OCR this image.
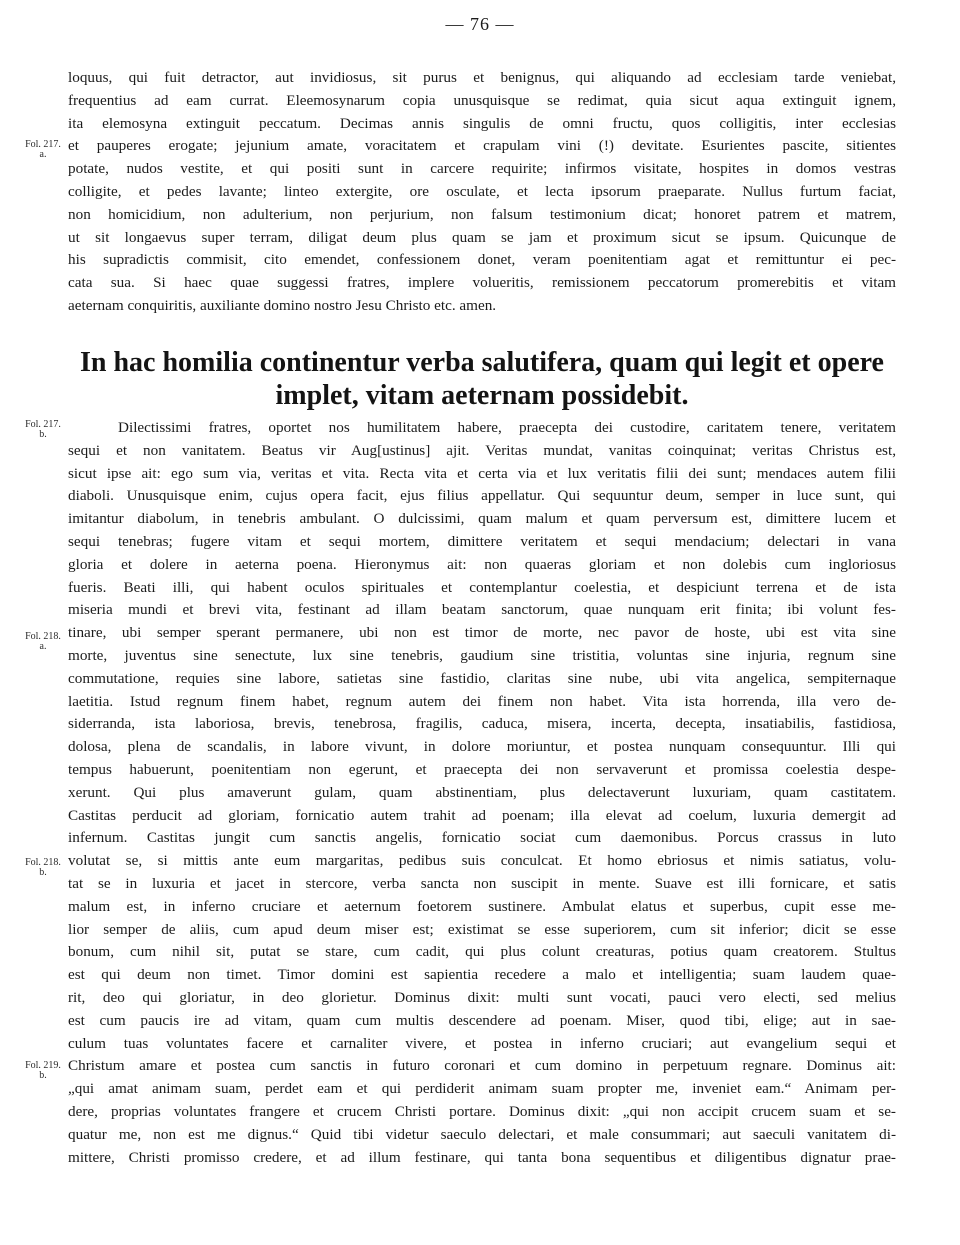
— 76 —
Fol. 217.
a.
Fol. 217.
b.
Fol. 218.
a.
Fol. 218.
b.
Fol. 219.
b.
loquus, qui fuit detractor, aut invidiosus, sit purus et benignus, qui aliquando ad ecclesiam tarde veniebat,
frequentius ad eam currat. Eleemosynarum copia unusquisque se redimat, quia sicut aqua extinguit ignem,
ita elemosyna extinguit peccatum. Decimas annis singulis de omni fructu, quos colligitis, inter ecclesias
et pauperes erogate; jejunium amate, voracitatem et crapulam vini (!) devitate. Esurientes pascite, sitientes
potate, nudos vestite, et qui positi sunt in carcere requirite; infirmos visitate, hospites in domos vestras
colligite, et pedes lavante; linteo extergite, ore osculate, et lecta ipsorum praeparate. Nullus furtum faciat,
non homicidium, non adulterium, non perjurium, non falsum testimonium dicat; honoret patrem et matrem,
ut sit longaevus super terram, diligat deum plus quam se jam et proximum sicut se ipsum. Quicunque de
his supradictis commisit, cito emendet, confessionem donet, veram poenitentiam agat et remittuntur ei pec-
cata sua. Si haec quae suggessi fratres, implere volueritis, remissionem peccatorum promerebitis et vitam
aeternam conquiritis, auxiliante domino nostro Jesu Christo etc. amen.
In hac homilia continentur verba salutifera, quam qui legit et opere
implet, vitam aeternam possidebit.
Dilectissimi fratres, oportet nos humilitatem habere, praecepta dei custodire, caritatem tenere, veritatem
sequi et non vanitatem. Beatus vir Aug[ustinus] ajit. Veritas mundat, vanitas coinquinat; veritas Christus est,
sicut ipse ait: ego sum via, veritas et vita. Recta vita et certa via et lux veritatis filii dei sunt; mendaces autem filii
diaboli. Unusquisque enim, cujus opera facit, ejus filius appellatur. Qui sequuntur deum, semper in luce sunt, qui
imitantur diabolum, in tenebris ambulant. O dulcissimi, quam malum et quam perversum est, dimittere lucem et
sequi tenebras; fugere vitam et sequi mortem, dimittere veritatem et sequi mendacium; delectari in vana
gloria et dolere in aeterna poena. Hieronymus ait: non quaeras gloriam et non dolebis cum ingloriosus
fueris. Beati illi, qui habent oculos spirituales et contemplantur coelestia, et despiciunt terrena et de ista
miseria mundi et brevi vita, festinant ad illam beatam sanctorum, quae nunquam erit finita; ibi volunt fes-
tinare, ubi semper sperant permanere, ubi non est timor de morte, nec pavor de hoste, ubi est vita sine
morte, juventus sine senectute, lux sine tenebris, gaudium sine tristitia, voluntas sine injuria, regnum sine
commutatione, requies sine labore, satietas sine fastidio, claritas sine nube, ubi vita angelica, sempiternaque
laetitia. Istud regnum finem habet, regnum autem dei finem non habet. Vita ista horrenda, illa vero de-
siderranda, ista laboriosa, brevis, tenebrosa, fragilis, caduca, misera, incerta, decepta, insatiabilis, fastidiosa,
dolosa, plena de scandalis, in labore vivunt, in dolore moriuntur, et postea nunquam consequuntur. Illi qui
tempus habuerunt, poenitentiam non egerunt, et praecepta dei non servaverunt et promissa coelestia despe-
xerunt. Qui plus amaverunt gulam, quam abstinentiam, plus delectaverunt luxuriam, quam castitatem.
Castitas perducit ad gloriam, fornicatio autem trahit ad poenam; illa elevat ad coelum, luxuria demergit ad
infernum. Castitas jungit cum sanctis angelis, fornicatio sociat cum daemonibus. Porcus crassus in luto
volutat se, si mittis ante eum margaritas, pedibus suis conculcat. Et homo ebriosus et nimis satiatus, volu-
tat se in luxuria et jacet in stercore, verba sancta non suscipit in mente. Suave est illi fornicare, et satis
malum est, in inferno cruciare et aeternum foetorem sustinere. Ambulat elatus et superbus, cupit esse me-
lior semper de aliis, cum apud deum miser est; existimat se esse superiorem, cum sit inferior; dicit se esse
bonum, cum nihil sit, putat se stare, cum cadit, qui plus colunt creaturas, potius quam creatorem. Stultus
est qui deum non timet. Timor domini est sapientia recedere a malo et intelligentia; suam laudem quae-
rit, deo qui gloriatur, in deo glorietur. Dominus dixit: multi sunt vocati, pauci vero electi, sed melius
est cum paucis ire ad vitam, quam cum multis descendere ad poenam. Miser, quod tibi, elige; aut in sae-
culum tuas voluntates facere et carnaliter vivere, et postea in inferno cruciari; aut evangelium sequi et
Christum amare et postea cum sanctis in futuro coronari et cum domino in perpetuum regnare. Dominus ait:
„qui amat animam suam, perdet eam et qui perdiderit animam suam propter me, inveniet eam.“ Animam per-
dere, proprias voluntates frangere et crucem Christi portare. Dominus dixit: „qui non accipit crucem suam et se-
quatur me, non est me dignus.“ Quid tibi videtur saeculo delectari, et male consummari; aut saeculi vanitatem di-
mittere, Christi promisso credere, et ad illum festinare, qui tanta bona sequentibus et diligentibus dignatur prae-
